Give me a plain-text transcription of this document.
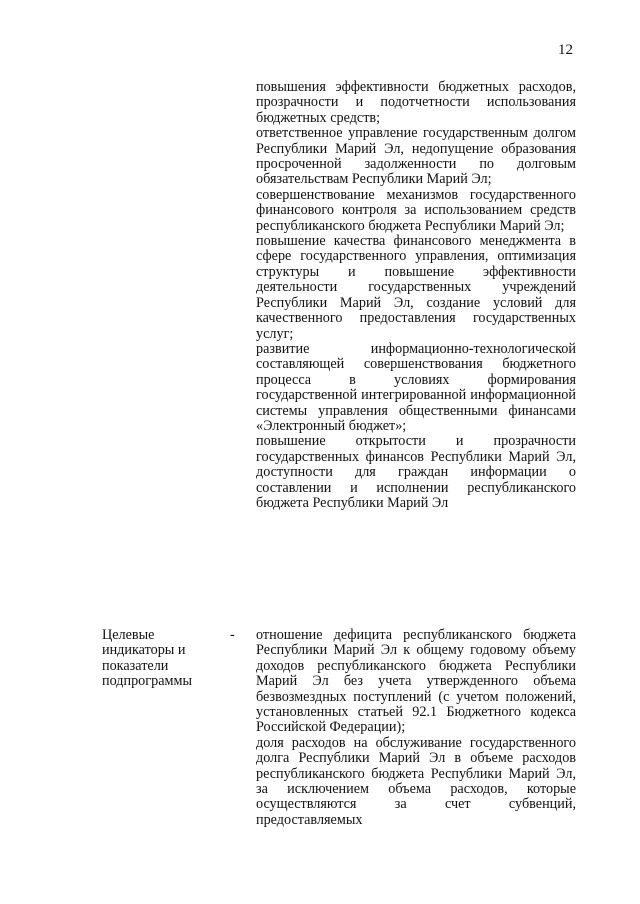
12

повышения эффективности бюджетных расходов, прозрачности и подотчетности использования бюджетных средств;

ответственное управление государственным долгом Республики Марий Эл, недопущение образования просроченной задолженности по долговым обязательствам Республики Марий Эл;

совершенствование механизмов государственного финансового контроля за использованием средств республиканского бюджета Республики Марий Эл;

повышение качества финансового менеджмента в сфере государственного управления, оптимизация структуры и повышение эффективности деятельности государственных учреждений Республики Марий Эл, создание условий для качественного предоставления государственных услуг;

развитие информационно-технологической составляющей совершенствования бюджетного процесса в условиях формирования государственной интегрированной информационной системы управления общественными финансами «Электронный бюджет»;

повышение открытости и прозрачности государственных финансов Республики Марий Эл, доступности для граждан информации о составлении и исполнении республиканского бюджета Республики Марий Эл

Целевые индикаторы и показатели подпрограммы

- отношение дефицита республиканского бюджета Республики Марий Эл к общему годовому объему доходов республиканского бюджета Республики Марий Эл без учета утвержденного объема безвозмездных поступлений (с учетом положений, установленных статьей 92.1 Бюджетного кодекса Российской Федерации);

доля расходов на обслуживание государственного долга Республики Марий Эл в объеме расходов республиканского бюджета Республики Марий Эл, за исключением объема расходов, которые осуществляются за счет субвенций, предоставляемых
